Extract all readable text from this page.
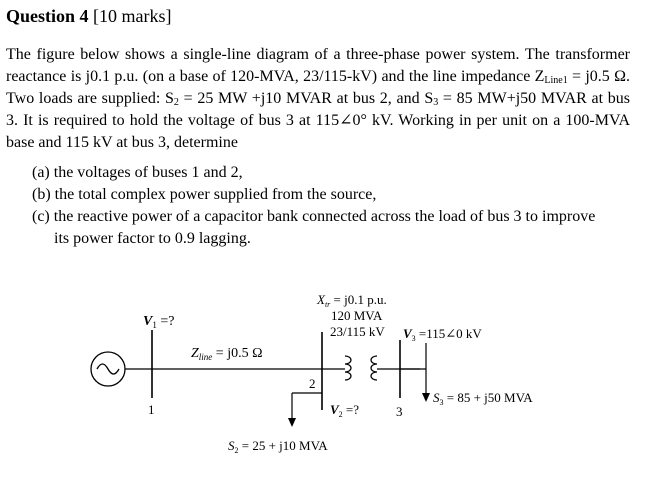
Question 4 [10 marks]

The figure below shows a single-line diagram of a three-phase power system. The transformer reactance is j0.1 p.u. (on a base of 120-MVA, 23/115-kV) and the line impedance $Z_{Line1} = j0.5$ Ω. Two loads are supplied: $S_2 = 25$ MW +j10 MVAR at bus 2, and $S_3 = 85$ MW+j50 MVAR at bus 3. It is required to hold the voltage of bus 3 at 115∠0° kV. Working in per unit on a 100-MVA base and 115 kV at bus 3, determine

(a) the voltages of buses 1 and 2,

(b) the total complex power supplied from the source,

(c) the reactive power of a capacitor bank connected across the load of bus 3 to improve
its power factor to 0.9 lagging.

$V_1$ =?
$Z_{line} = j0.5$ Ω
$X_{tr} = j0.1$ p.u.
120 MVA
23/115 kV $V_3$ =115∠0 kV
$V_2$ =?
$S_3 = 85 + j50$ MVA
$S_2 = 25 + j10$ MVA
1
2
3
